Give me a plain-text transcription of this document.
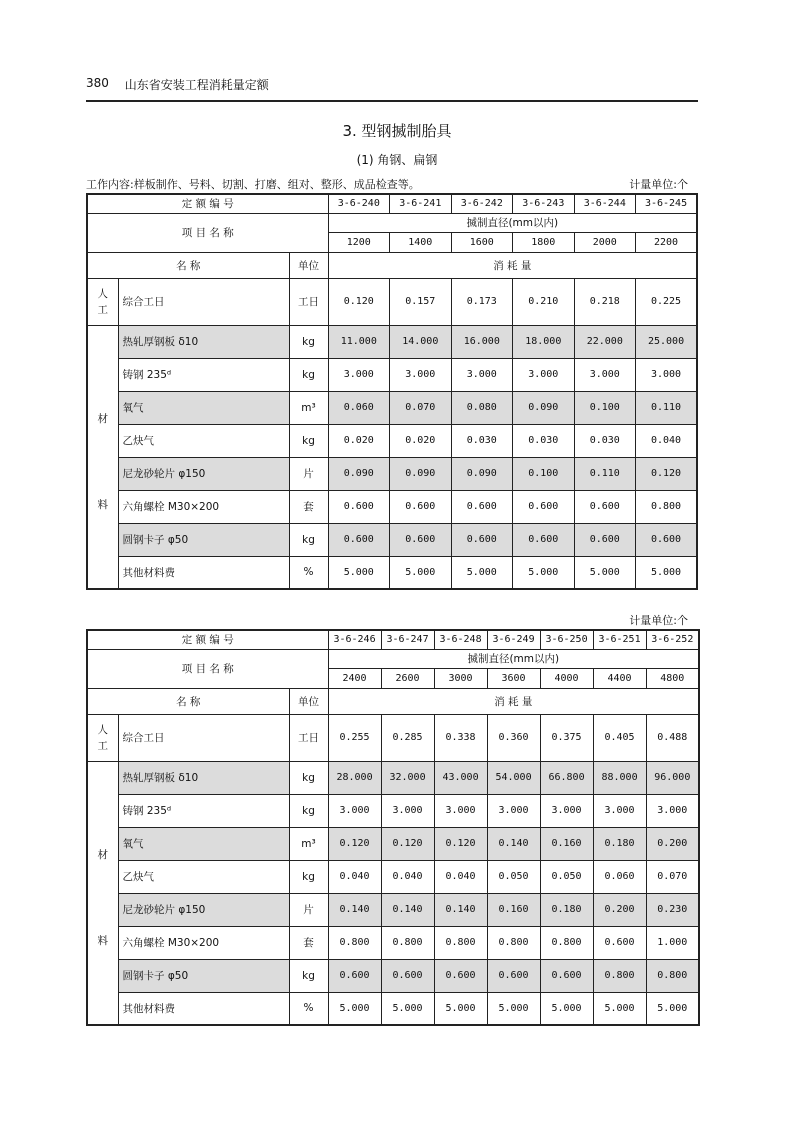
380 山东省安装工程消耗量定额
3. 型钢搣制胎具
(1) 角钢、扁钢
工作内容:样板制作、号料、切割、打磨、组对、整形、成品检查等。	计量单位:个
定 额 编 号			3-6-240	3-6-241	3-6-242	3-6-243	3-6-244	3-6-245
项 目 名 称			搣制直径(mm以内)					
			1200	1400	1600	1800	2000	2200
名 称		单位	消 耗 量					

人
工	综合工日	工日	0.120	0.157	0.173	0.210	0.218	0.225

材
料	热轧厚钢板 δ10	kg	11.000	14.000	16.000	18.000	22.000	25.000
	铸钢 235ᵈ	kg	3.000	3.000	3.000	3.000	3.000	3.000
	氧气	m³	0.060	0.070	0.080	0.090	0.100	0.110
	乙炔气	kg	0.020	0.020	0.030	0.030	0.030	0.040
	尼龙砂轮片 φ150	片	0.090	0.090	0.090	0.100	0.110	0.120
	六角螺栓 M30×200	套	0.600	0.600	0.600	0.600	0.600	0.800
	圆钢卡子 φ50	kg	0.600	0.600	0.600	0.600	0.600	0.600
	其他材料费	%	5.000	5.000	5.000	5.000	5.000	5.000
计量单位:个
定 额 编 号			3-6-246	3-6-247	3-6-248	3-6-249	3-6-250	3-6-251	3-6-252
项 目 名 称			搣制直径(mm以内)						
			2400	2600	3000	3600	4000	4400	4800
名 称		单位	消 耗 量						

人
工	综合工日	工日	0.255	0.285	0.338	0.360	0.375	0.405	0.488

材
料	热轧厚钢板 δ10	kg	28.000	32.000	43.000	54.000	66.800	88.000	96.000
	铸钢 235ᵈ	kg	3.000	3.000	3.000	3.000	3.000	3.000	3.000
	氧气	m³	0.120	0.120	0.120	0.140	0.160	0.180	0.200
	乙炔气	kg	0.040	0.040	0.040	0.050	0.050	0.060	0.070
	尼龙砂轮片 φ150	片	0.140	0.140	0.140	0.160	0.180	0.200	0.230
	六角螺栓 M30×200	套	0.800	0.800	0.800	0.800	0.800	0.600	1.000
	圆钢卡子 φ50	kg	0.600	0.600	0.600	0.600	0.600	0.800	0.800
	其他材料费	%	5.000	5.000	5.000	5.000	5.000	5.000	5.000
